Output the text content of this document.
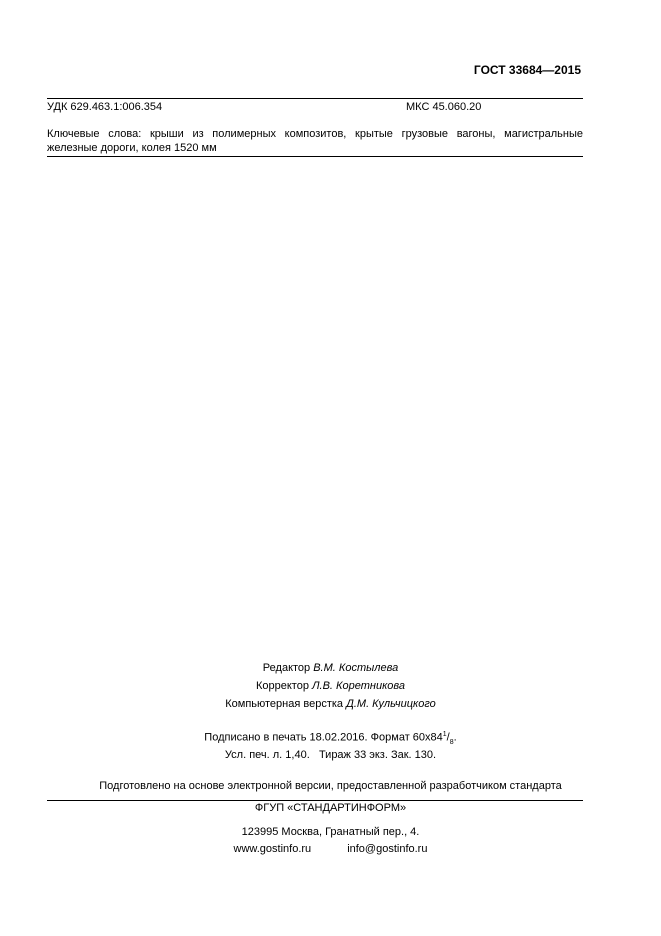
ГОСТ 33684—2015
УДК 629.463.1:006.354	МКС 45.060.20
Ключевые слова: крыши из полимерных композитов, крытые грузовые вагоны, магистральные
железные дороги, колея 1520 мм
Редактор В.М. Костылева
Корректор Л.В. Коретникова
Компьютерная верстка Д.М. Кульчицкого
Подписано в печать 18.02.2016. Формат $60x84^1/_8$.
Усл. печ. л. 1,40. Тираж 33 экз. Зак. 130.
Подготовлено на основе электронной версии, предоставленной разработчиком стандарта
ФГУП «СТАНДАРТИНФОРМ»
123995 Москва, Гранатный пер., 4.
www.gostinfo.ru	info@gostinfo.ru
